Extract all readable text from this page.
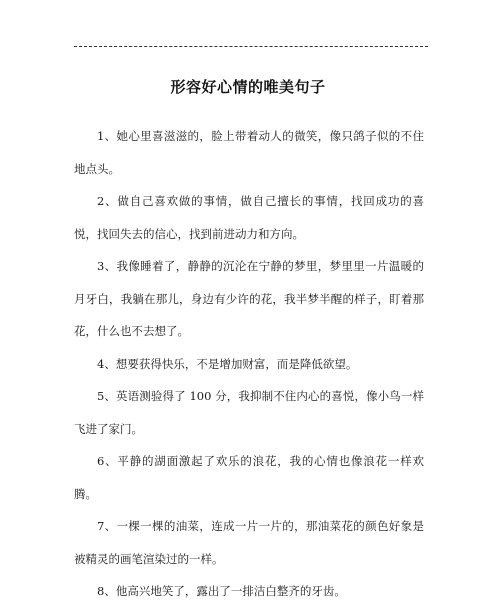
形容好心情的唯美句子

1、她心里喜滋滋的，脸上带着动人的微笑，像只鸽子似的不住地点头。

2、做自己喜欢做的事情，做自己擅长的事情，找回成功的喜悦，找回失去的信心，找到前进动力和方向。

3、我像睡着了，静静的沉沦在宁静的梦里，梦里里一片温暖的月牙白，我躺在那儿，身边有少许的花，我半梦半醒的样子，盯着那花，什么也不去想了。

4、想要获得快乐，不是增加财富，而是降低欲望。

5、英语测验得了 100 分，我抑制不住内心的喜悦，像小鸟一样飞进了家门。

6、平静的湖面激起了欢乐的浪花，我的心情也像浪花一样欢腾。

7、一棵一棵的油菜，连成一片一片的，那油菜花的颜色好象是被精灵的画笔渲染过的一样。

8、他高兴地笑了，露出了一排洁白整齐的牙齿。
